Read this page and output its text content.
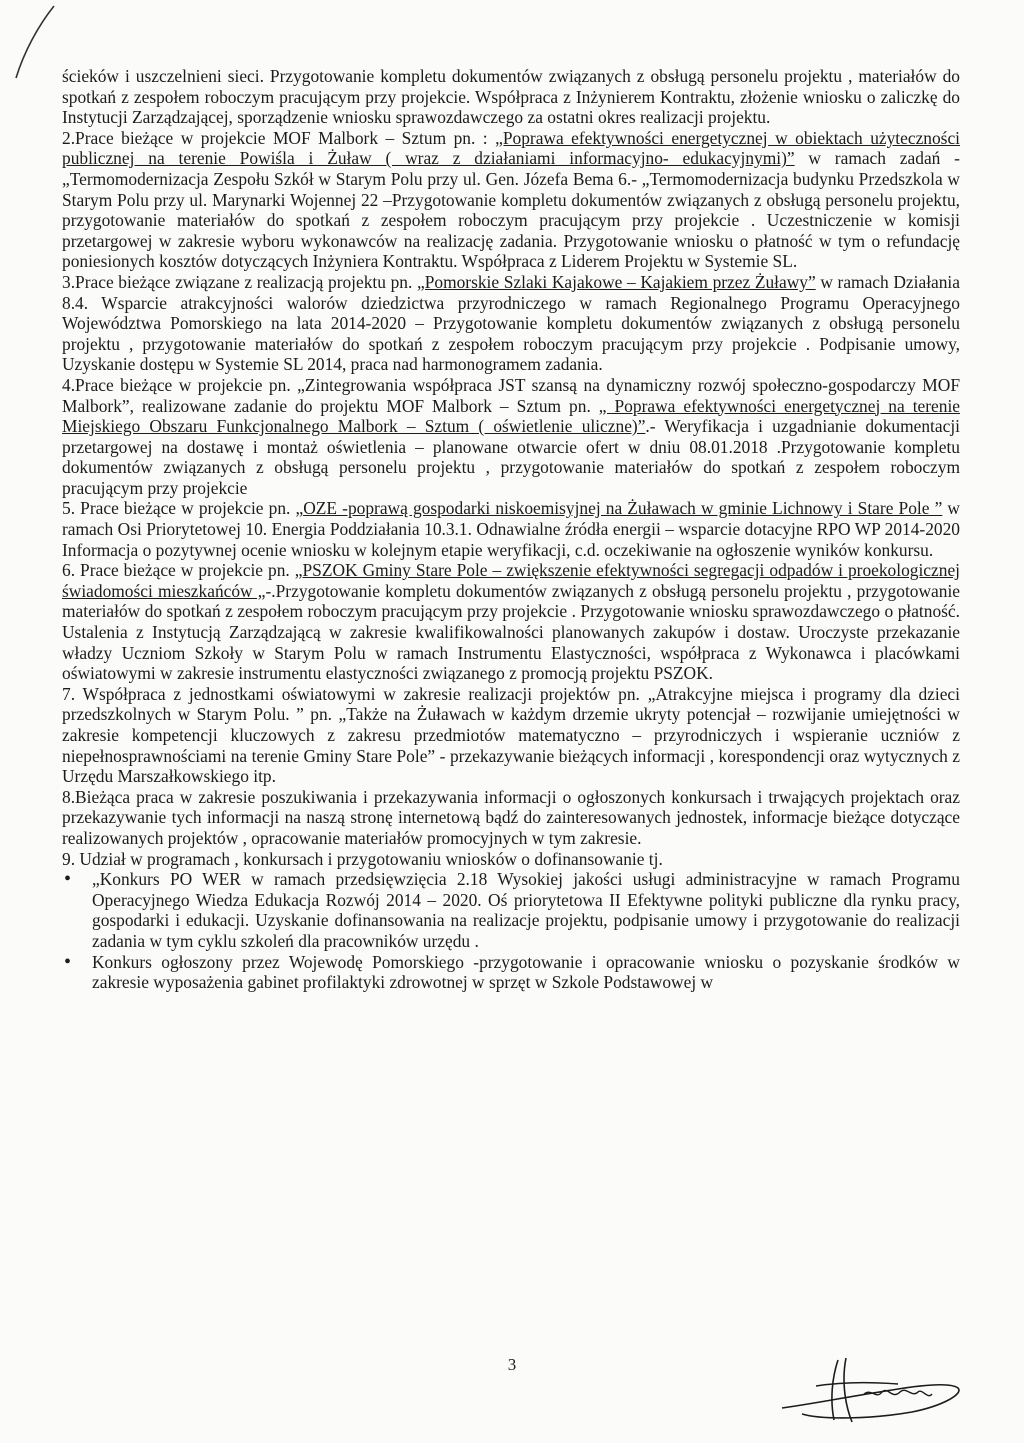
ścieków i uszczelnieni sieci. Przygotowanie kompletu dokumentów związanych z obsługą personelu projektu , materiałów do spotkań z zespołem roboczym pracującym przy projekcie. Współpraca z Inżynierem Kontraktu, złożenie wniosku o zaliczkę do Instytucji Zarządzającej, sporządzenie wniosku sprawozdawczego za ostatni okres realizacji projektu.

2.Prace bieżące w projekcie MOF Malbork – Sztum pn. : „Poprawa efektywności energetycznej w obiektach użyteczności publicznej na terenie Powiśla i Żuław ( wraz z działaniami informacyjno- edukacyjnymi)” w ramach zadań -„Termomodernizacja Zespołu Szkół w Starym Polu przy ul. Gen. Józefa Bema 6.- „Termomodernizacja budynku Przedszkola w Starym Polu przy ul. Marynarki Wojennej 22 –Przygotowanie kompletu dokumentów związanych z obsługą personelu projektu, przygotowanie materiałów do spotkań z zespołem roboczym pracującym przy projekcie . Uczestniczenie w komisji przetargowej w zakresie wyboru wykonawców na realizację zadania. Przygotowanie wniosku o płatność w tym o refundację poniesionych kosztów dotyczących Inżyniera Kontraktu. Współpraca z Liderem Projektu w Systemie SL.

3.Prace bieżące związane z realizacją projektu pn. „Pomorskie Szlaki Kajakowe – Kajakiem przez Żuławy” w ramach Działania 8.4. Wsparcie atrakcyjności walorów dziedzictwa przyrodniczego w ramach Regionalnego Programu Operacyjnego Województwa Pomorskiego na lata 2014-2020 – Przygotowanie kompletu dokumentów związanych z obsługą personelu projektu , przygotowanie materiałów do spotkań z zespołem roboczym pracującym przy projekcie . Podpisanie umowy, Uzyskanie dostępu w Systemie SL 2014, praca nad harmonogramem zadania.

4.Prace bieżące w projekcie pn. „Zintegrowania współpraca JST szansą na dynamiczny rozwój społeczno-gospodarczy MOF Malbork”, realizowane zadanie do projektu MOF Malbork – Sztum pn. „ Poprawa efektywności energetycznej na terenie Miejskiego Obszaru Funkcjonalnego Malbork – Sztum ( oświetlenie uliczne)”.- Weryfikacja i uzgadnianie dokumentacji przetargowej na dostawę i montaż oświetlenia – planowane otwarcie ofert w dniu 08.01.2018 .Przygotowanie kompletu dokumentów związanych z obsługą personelu projektu , przygotowanie materiałów do spotkań z zespołem roboczym pracującym przy projekcie

5. Prace bieżące w projekcie pn. „OZE -poprawą gospodarki niskoemisyjnej na Żuławach w gminie Lichnowy i Stare Pole ” w ramach Osi Priorytetowej 10. Energia Poddziałania 10.3.1. Odnawialne źródła energii – wsparcie dotacyjne RPO WP 2014-2020 Informacja o pozytywnej ocenie wniosku w kolejnym etapie weryfikacji, c.d. oczekiwanie na ogłoszenie wyników konkursu.

6. Prace bieżące w projekcie pn. „PSZOK Gminy Stare Pole – zwiększenie efektywności segregacji odpadów i proekologicznej świadomości mieszkańców „-.Przygotowanie kompletu dokumentów związanych z obsługą personelu projektu , przygotowanie materiałów do spotkań z zespołem roboczym pracującym przy projekcie . Przygotowanie wniosku sprawozdawczego o płatność. Ustalenia z Instytucją Zarządzającą w zakresie kwalifikowalności planowanych zakupów i dostaw. Uroczyste przekazanie władzy Uczniom Szkoły w Starym Polu w ramach Instrumentu Elastyczności, współpraca z Wykonawca i placówkami oświatowymi w zakresie instrumentu elastyczności związanego z promocją projektu PSZOK.

7. Współpraca z jednostkami oświatowymi w zakresie realizacji projektów pn. „Atrakcyjne miejsca i programy dla dzieci przedszkolnych w Starym Polu. ” pn. „Także na Żuławach w każdym drzemie ukryty potencjał – rozwijanie umiejętności w zakresie kompetencji kluczowych z zakresu przedmiotów matematyczno – przyrodniczych i wspieranie uczniów z niepełnosprawnościami na terenie Gminy Stare Pole” - przekazywanie bieżących informacji , korespondencji oraz wytycznych z Urzędu Marszałkowskiego itp.

8.Bieżąca praca w zakresie poszukiwania i przekazywania informacji o ogłoszonych konkursach i trwających projektach oraz przekazywanie tych informacji na naszą stronę internetową bądź do zainteresowanych jednostek, informacje bieżące dotyczące realizowanych projektów , opracowanie materiałów promocyjnych w tym zakresie.

9. Udział w programach , konkursach i przygotowaniu wniosków o dofinansowanie tj.

• „Konkurs PO WER w ramach przedsięwzięcia 2.18 Wysokiej jakości usługi administracyjne w ramach Programu Operacyjnego Wiedza Edukacja Rozwój 2014 – 2020. Oś priorytetowa II Efektywne polityki publiczne dla rynku pracy, gospodarki i edukacji. Uzyskanie dofinansowania na realizacje projektu, podpisanie umowy i przygotowanie do realizacji zadania w tym cyklu szkoleń dla pracowników urzędu .
• Konkurs ogłoszony przez Wojewodę Pomorskiego -przygotowanie i opracowanie wniosku o pozyskanie środków w zakresie wyposażenia gabinet profilaktyki zdrowotnej w sprzęt w Szkole Podstawowej w
3
